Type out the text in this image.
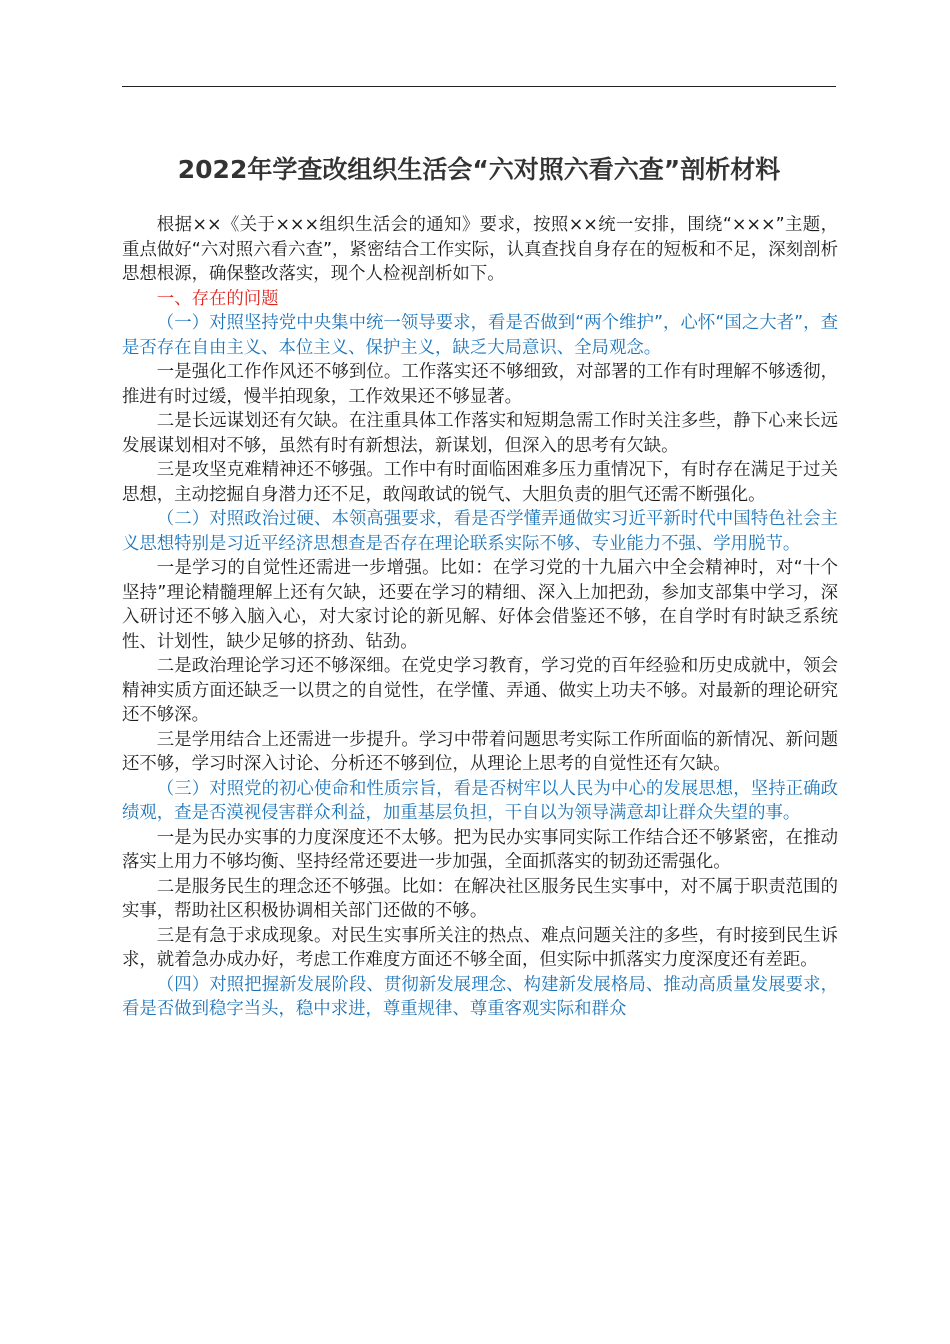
2022年学查改组织生活会“六对照六看六查”剖析材料

根据××《关于×××组织生活会的通知》要求，按照××统一安排，围绕“×××”主题，重点做好“六对照六看六查”，紧密结合工作实际，认真查找自身存在的短板和不足，深刻剖析思想根源，确保整改落实，现个人检视剖析如下。

一、存在的问题

（一）对照坚持党中央集中统一领导要求，看是否做到“两个维护”，心怀“国之大者”，查是否存在自由主义、本位主义、保护主义，缺乏大局意识、全局观念。

一是强化工作作风还不够到位。工作落实还不够细致，对部署的工作有时理解不够透彻，推进有时过缓，慢半拍现象，工作效果还不够显著。

二是长远谋划还有欠缺。在注重具体工作落实和短期急需工作时关注多些，静下心来长远发展谋划相对不够，虽然有时有新想法，新谋划，但深入的思考有欠缺。

三是攻坚克难精神还不够强。工作中有时面临困难多压力重情况下，有时存在满足于过关思想，主动挖掘自身潜力还不足，敢闯敢试的锐气、大胆负责的胆气还需不断强化。

（二）对照政治过硬、本领高强要求，看是否学懂弄通做实习近平新时代中国特色社会主义思想特别是习近平经济思想查是否存在理论联系实际不够、专业能力不强、学用脱节。

一是学习的自觉性还需进一步增强。比如：在学习党的十九届六中全会精神时，对“十个坚持”理论精髓理解上还有欠缺，还要在学习的精细、深入上加把劲，参加支部集中学习，深入研讨还不够入脑入心，对大家讨论的新见解、好体会借鉴还不够，在自学时有时缺乏系统性、计划性，缺少足够的挤劲、钻劲。

二是政治理论学习还不够深细。在党史学习教育，学习党的百年经验和历史成就中，领会精神实质方面还缺乏一以贯之的自觉性，在学懂、弄通、做实上功夫不够。对最新的理论研究还不够深。

三是学用结合上还需进一步提升。学习中带着问题思考实际工作所面临的新情况、新问题还不够，学习时深入讨论、分析还不够到位，从理论上思考的自觉性还有欠缺。

（三）对照党的初心使命和性质宗旨，看是否树牢以人民为中心的发展思想，坚持正确政绩观，查是否漠视侵害群众利益，加重基层负担，干自以为领导满意却让群众失望的事。

一是为民办实事的力度深度还不太够。把为民办实事同实际工作结合还不够紧密，在推动落实上用力不够均衡、坚持经常还要进一步加强，全面抓落实的韧劲还需强化。

二是服务民生的理念还不够强。比如：在解决社区服务民生实事中，对不属于职责范围的实事，帮助社区积极协调相关部门还做的不够。

三是有急于求成现象。对民生实事所关注的热点、难点问题关注的多些，有时接到民生诉求，就着急办成办好，考虑工作难度方面还不够全面，但实际中抓落实力度深度还有差距。

（四）对照把握新发展阶段、贯彻新发展理念、构建新发展格局、推动高质量发展要求，看是否做到稳字当头，稳中求进，尊重规律、尊重客观实际和群众
